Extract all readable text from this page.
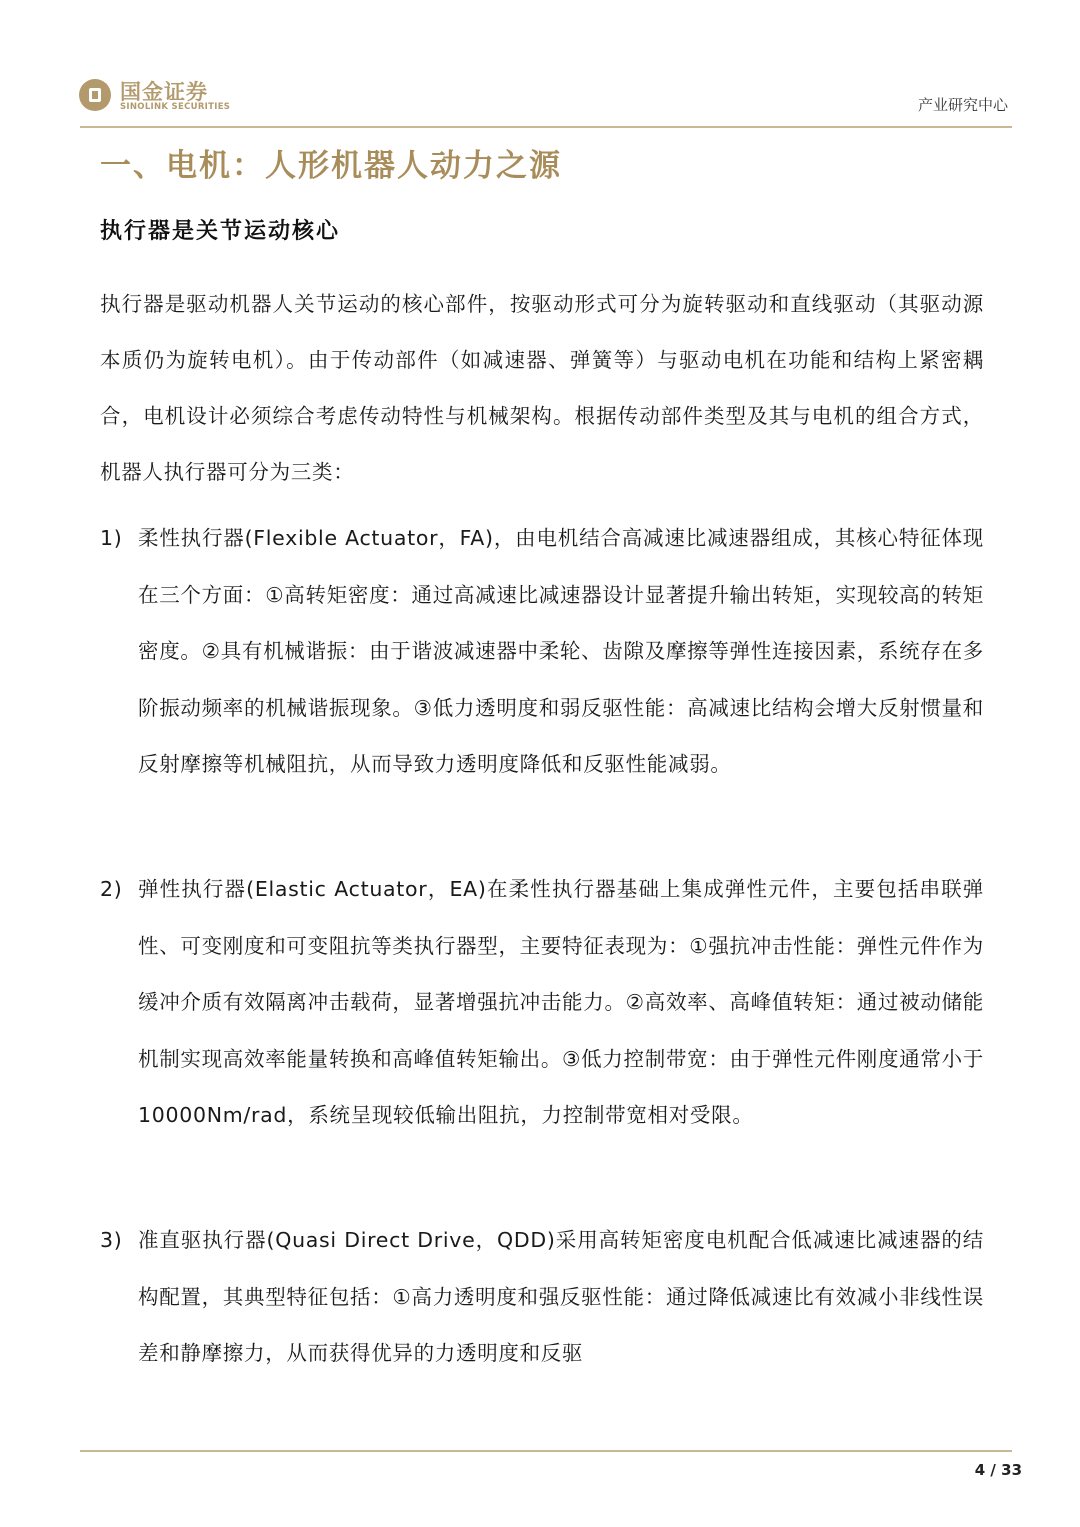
国金证券
SINOLINK SECURITIES	产业研究中心
一、电机：人形机器人动力之源
执行器是关节运动核心

执行器是驱动机器人关节运动的核心部件，按驱动形式可分为旋转驱动和直线驱动（其驱动源本质仍为旋转电机）。由于传动部件（如减速器、弹簧等）与驱动电机在功能和结构上紧密耦合，电机设计必须综合考虑传动特性与机械架构。根据传动部件类型及其与电机的组合方式，机器人执行器可分为三类：

1) 柔性执行器(Flexible Actuator，FA)，由电机结合高减速比减速器组成，其核心特征体现在三个方面：①高转矩密度：通过高减速比减速器设计显著提升输出转矩，实现较高的转矩密度。②具有机械谐振：由于谐波减速器中柔轮、齿隙及摩擦等弹性连接因素，系统存在多阶振动频率的机械谐振现象。③低力透明度和弱反驱性能：高减速比结构会增大反射惯量和反射摩擦等机械阻抗，从而导致力透明度降低和反驱性能减弱。
2) 弹性执行器(Elastic Actuator，EA)在柔性执行器基础上集成弹性元件，主要包括串联弹性、可变刚度和可变阻抗等类执行器型，主要特征表现为：①强抗冲击性能：弹性元件作为缓冲介质有效隔离冲击载荷，显著增强抗冲击能力。②高效率、高峰值转矩：通过被动储能机制实现高效率能量转换和高峰值转矩输出。③低力控制带宽：由于弹性元件刚度通常小于 10000Nm/rad，系统呈现较低输出阻抗，力控制带宽相对受限。
3) 准直驱执行器(Quasi Direct Drive，QDD)采用高转矩密度电机配合低减速比减速器的结构配置，其典型特征包括：①高力透明度和强反驱性能：通过降低减速比有效减小非线性误差和静摩擦力，从而获得优异的力透明度和反驱
4 / 33
